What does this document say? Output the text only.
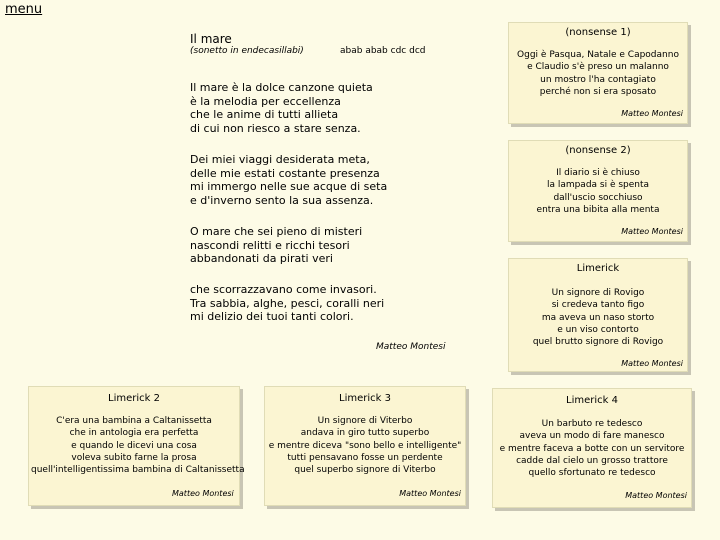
menu
Il mare
(sonetto in endecasillabi)	abab abab cdc dcd
Il mare è la dolce canzone quieta
è la melodia per eccellenza
che le anime di tutti allieta
di cui non riesco a stare senza.
Dei miei viaggi desiderata meta,
delle mie estati costante presenza
mi immergo nelle sue acque di seta
e d'inverno sento la sua assenza.
O mare che sei pieno di misteri
nascondi relitti e ricchi tesori
abbandonati da pirati veri
che scorrazzavano come invasori.
Tra sabbia, alghe, pesci, coralli neri
mi delizio dei tuoi tanti colori.
Matteo Montesi
(nonsense 1)
Oggi è Pasqua, Natale e Capodanno
e Claudio s'è preso un malanno
un mostro l'ha contagiato
perché non si era sposato
Matteo Montesi
(nonsense 2)
Il diario si è chiuso
la lampada si è spenta
dall'uscio socchiuso
entra una bibita alla menta
Matteo Montesi
Limerick
Un signore di Rovigo
si credeva tanto figo
ma aveva un naso storto
e un viso contorto
quel brutto signore di Rovigo
Matteo Montesi
Limerick 2
C'era una bambina a Caltanissetta
che in antologia era perfetta
e quando le dicevi una cosa
voleva subito farne la prosa
quell'intelligentissima bambina di Caltanissetta
Matteo Montesi
Limerick 3
Un signore di Viterbo
andava in giro tutto superbo
e mentre diceva "sono bello e intelligente"
tutti pensavano fosse un perdente
quel superbo signore di Viterbo
Matteo Montesi
Limerick 4
Un barbuto re tedesco
aveva un modo di fare manesco
e mentre faceva a botte con un servitore
cadde dal cielo un grosso trattore
quello sfortunato re tedesco
Matteo Montesi
